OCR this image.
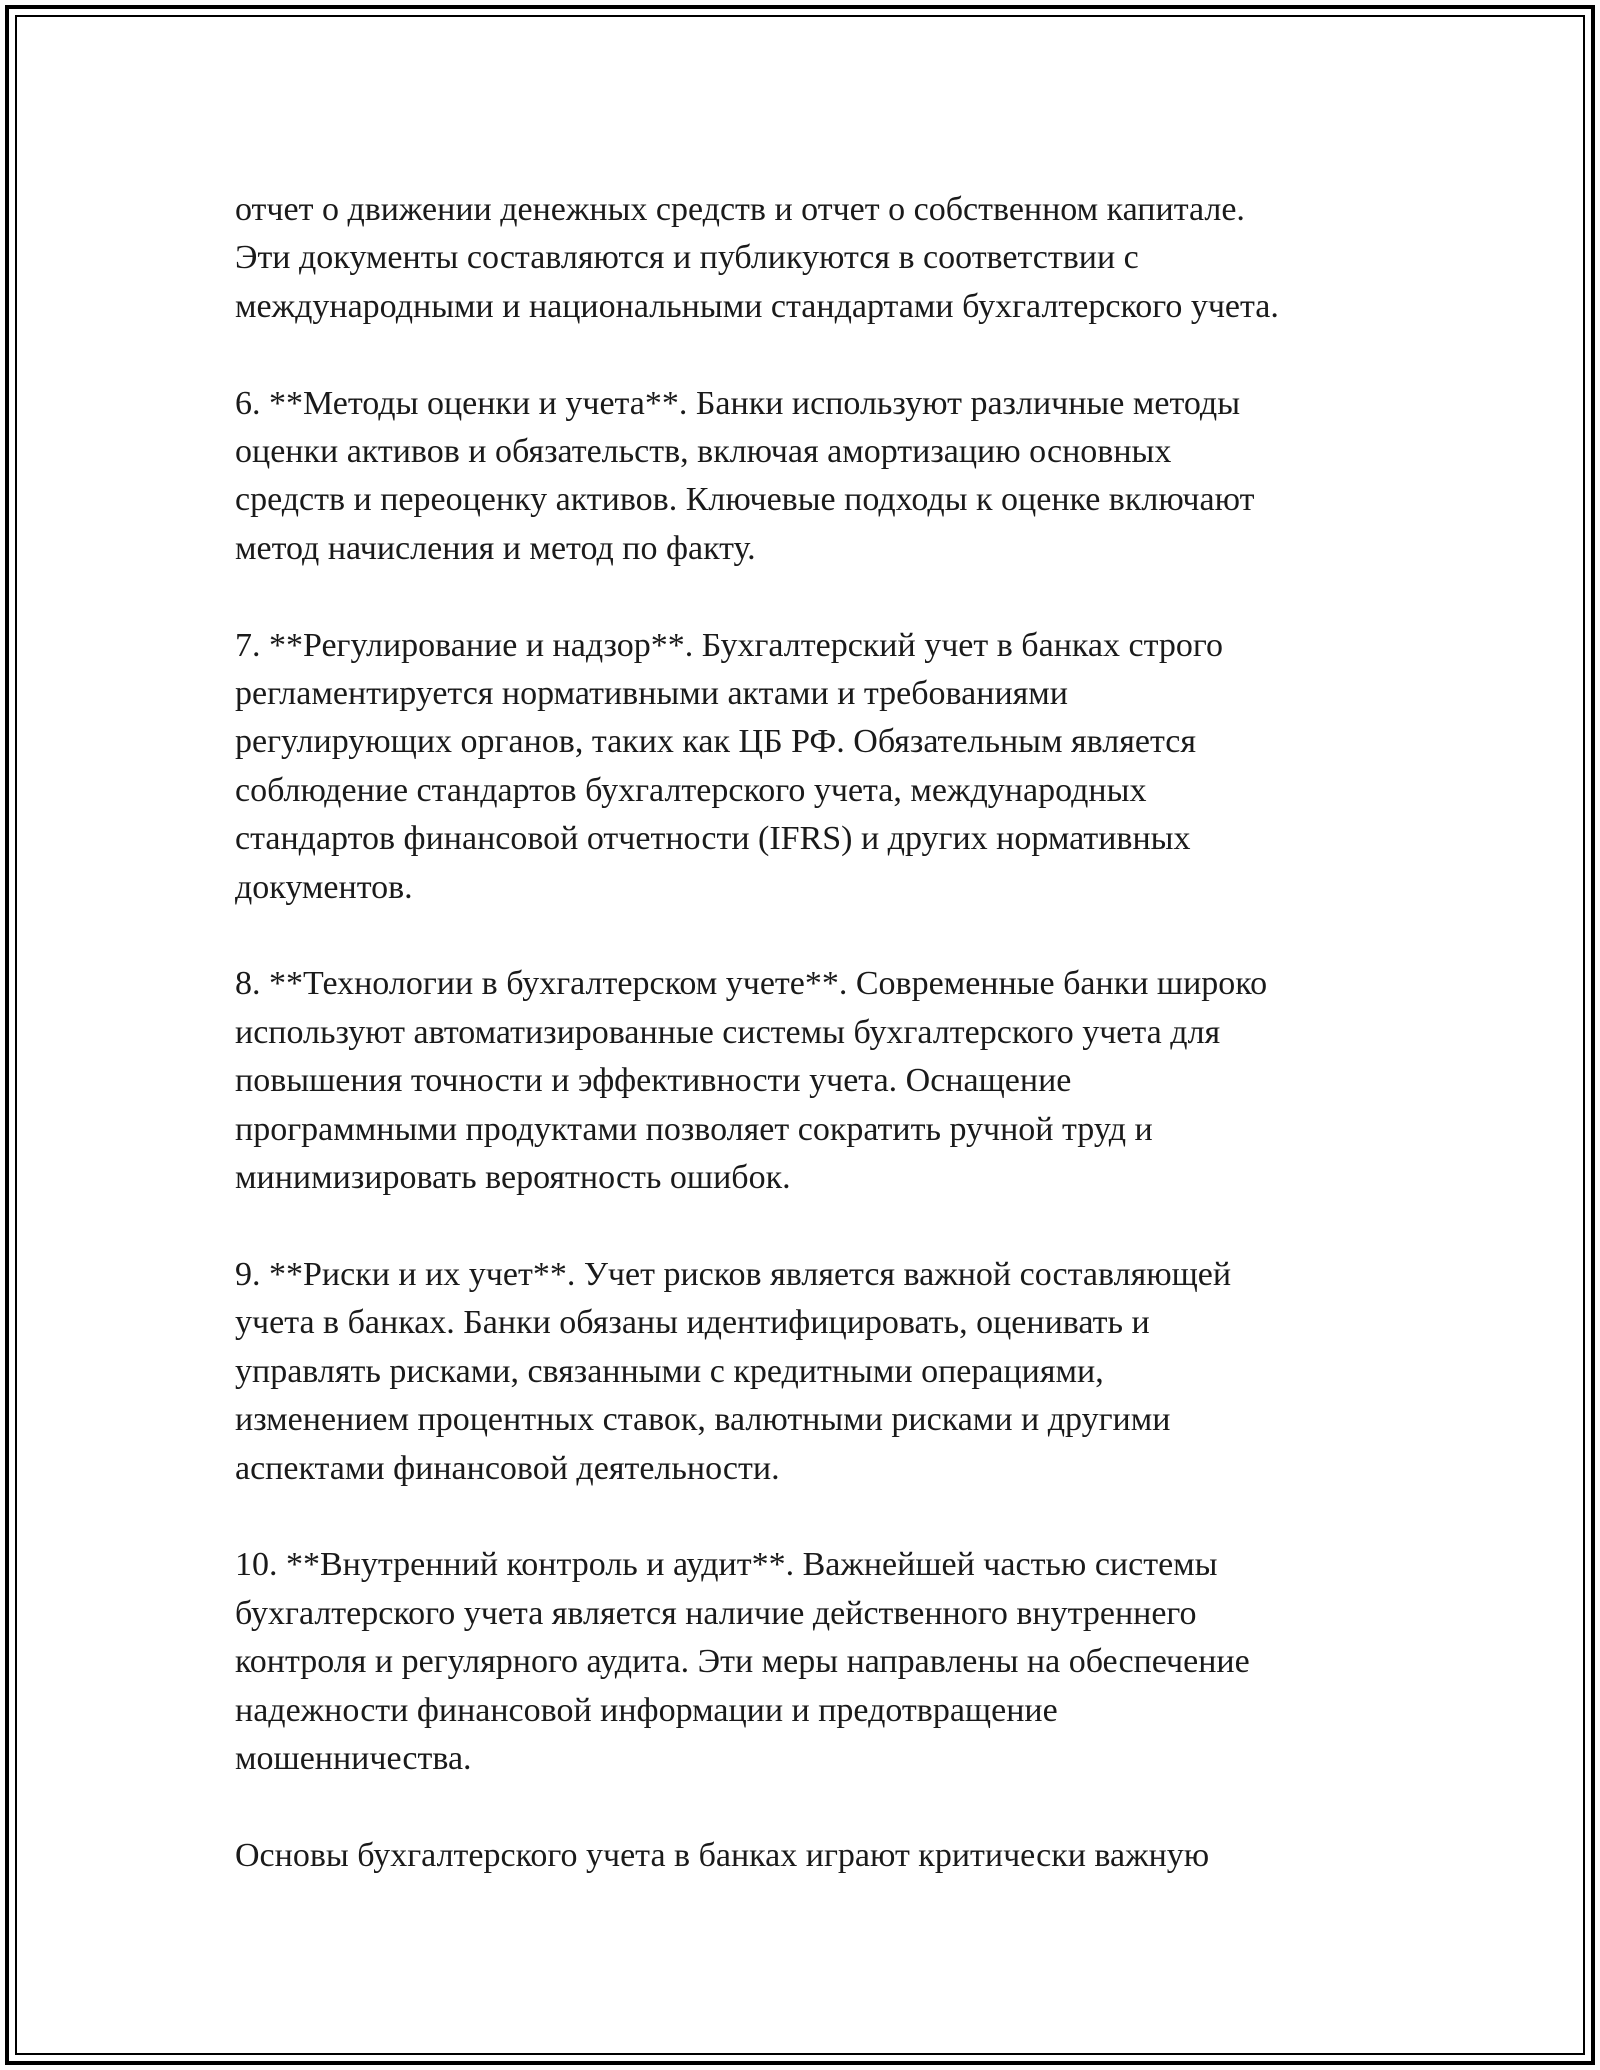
отчет о движении денежных средств и отчет о собственном капитале.
Эти документы составляются и публикуются в соответствии с
международными и национальными стандартами бухгалтерского учета.

6. **Методы оценки и учета**. Банки используют различные методы
оценки активов и обязательств, включая амортизацию основных
средств и переоценку активов. Ключевые подходы к оценке включают
метод начисления и метод по факту.

7. **Регулирование и надзор**. Бухгалтерский учет в банках строго
регламентируется нормативными актами и требованиями
регулирующих органов, таких как ЦБ РФ. Обязательным является
соблюдение стандартов бухгалтерского учета, международных
стандартов финансовой отчетности (IFRS) и других нормативных
документов.

8. **Технологии в бухгалтерском учете**. Современные банки широко
используют автоматизированные системы бухгалтерского учета для
повышения точности и эффективности учета. Оснащение
программными продуктами позволяет сократить ручной труд и
минимизировать вероятность ошибок.

9. **Риски и их учет**. Учет рисков является важной составляющей
учета в банках. Банки обязаны идентифицировать, оценивать и
управлять рисками, связанными с кредитными операциями,
изменением процентных ставок, валютными рисками и другими
аспектами финансовой деятельности.

10. **Внутренний контроль и аудит**. Важнейшей частью системы
бухгалтерского учета является наличие действенного внутреннего
контроля и регулярного аудита. Эти меры направлены на обеспечение
надежности финансовой информации и предотвращение
мошенничества.

Основы бухгалтерского учета в банках играют критически важную
